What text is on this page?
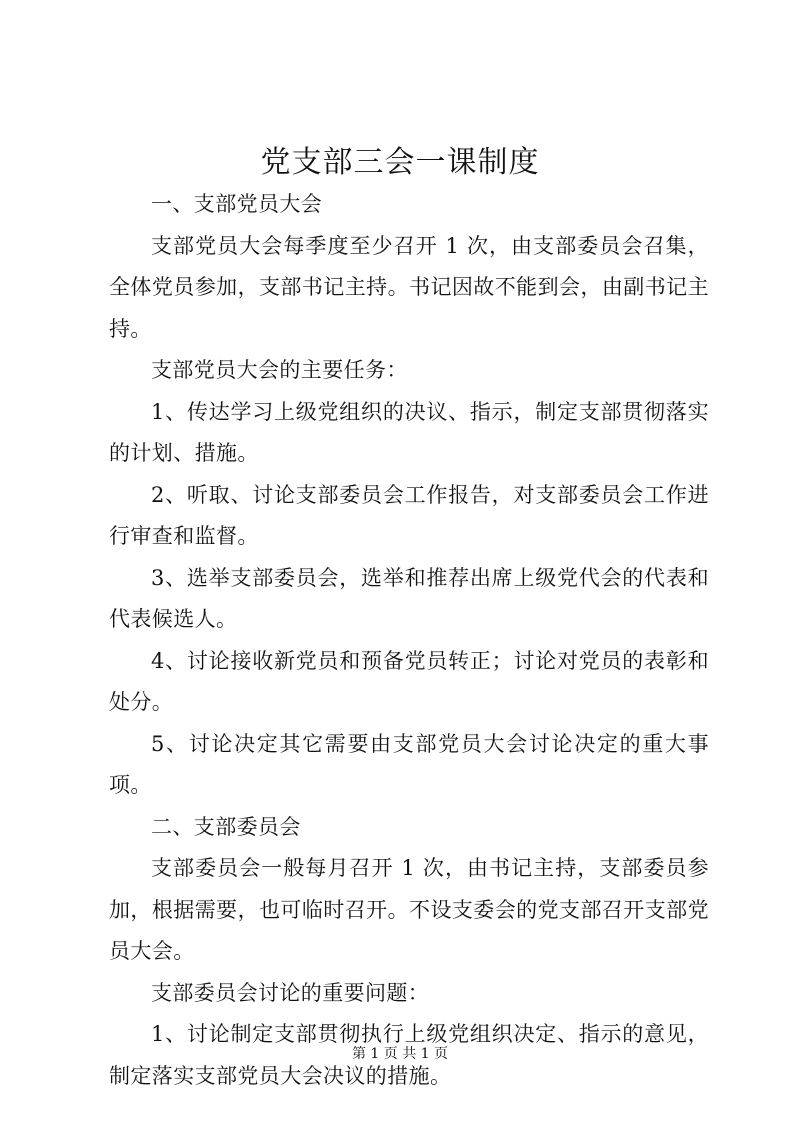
党支部三会一课制度

一、支部党员大会

支部党员大会每季度至少召开 1 次，由支部委员会召集，全体党员参加，支部书记主持。书记因故不能到会，由副书记主持。

支部党员大会的主要任务：

1、传达学习上级党组织的决议、指示，制定支部贯彻落实的计划、措施。

2、听取、讨论支部委员会工作报告，对支部委员会工作进行审查和监督。

3、选举支部委员会，选举和推荐出席上级党代会的代表和代表候选人。

4、讨论接收新党员和预备党员转正；讨论对党员的表彰和处分。

5、讨论决定其它需要由支部党员大会讨论决定的重大事项。

二、支部委员会

支部委员会一般每月召开 1 次，由书记主持，支部委员参加，根据需要，也可临时召开。不设支委会的党支部召开支部党员大会。

支部委员会讨论的重要问题：

1、讨论制定支部贯彻执行上级党组织决定、指示的意见，制定落实支部党员大会决议的措施。

第 1 页 共 1 页
